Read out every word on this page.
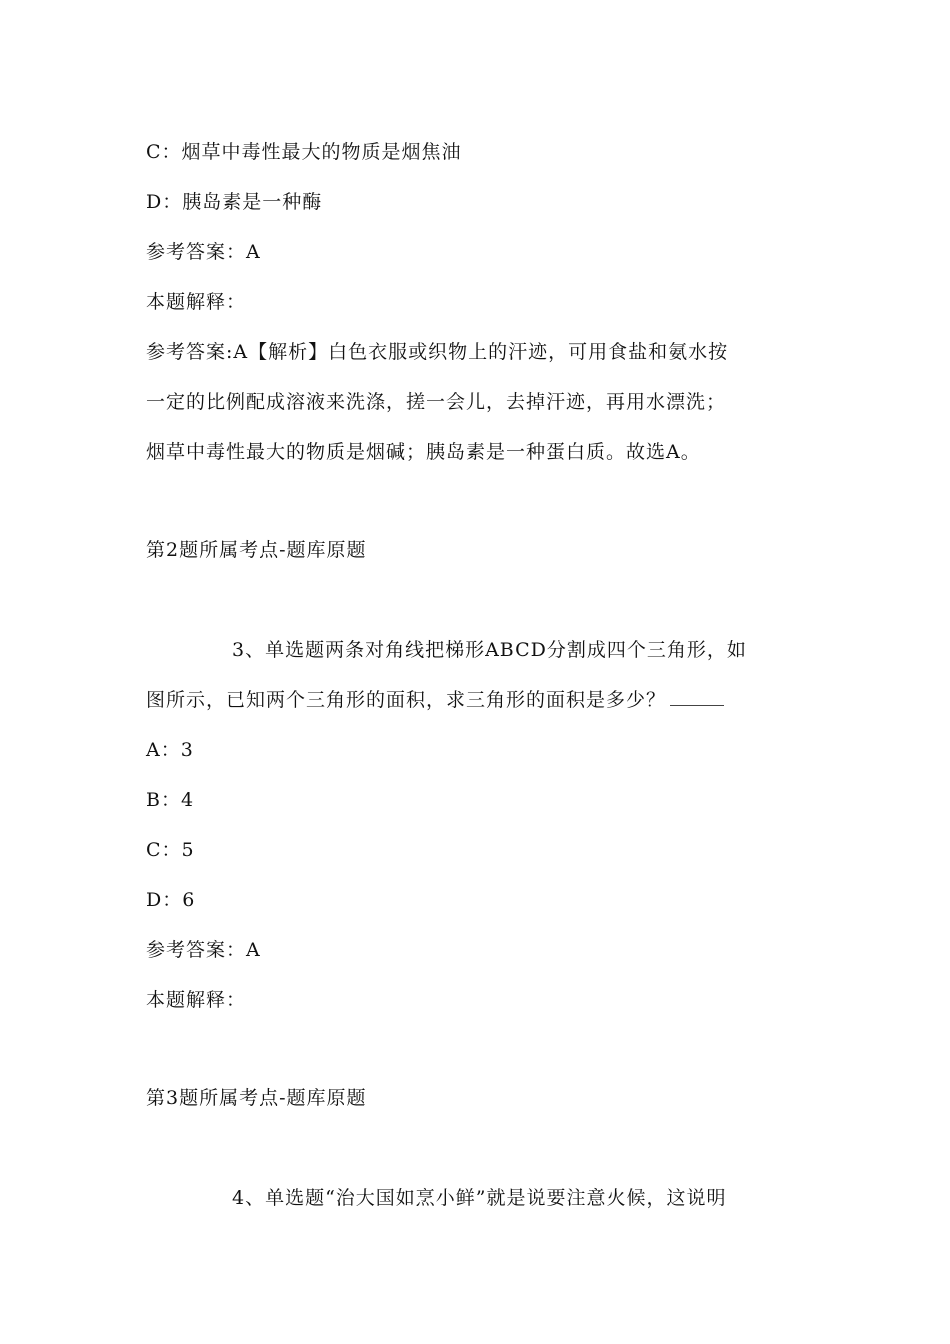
C：烟草中毒性最大的物质是烟焦油
D：胰岛素是一种酶
参考答案：A
本题解释：
参考答案:A【解析】白色衣服或织物上的汗迹，可用食盐和氨水按
一定的比例配成溶液来洗涤，搓一会儿，去掉汗迹，再用水漂洗；
烟草中毒性最大的物质是烟碱；胰岛素是一种蛋白质。故选A。
第2题所属考点-题库原题
3、单选题两条对角线把梯形ABCD分割成四个三角形，如
图所示，已知两个三角形的面积，求三角形的面积是多少？
A：3
B：4
C：5
D：6
参考答案：A
本题解释：
第3题所属考点-题库原题
4、单选题“治大国如烹小鲜”就是说要注意火候，这说明
